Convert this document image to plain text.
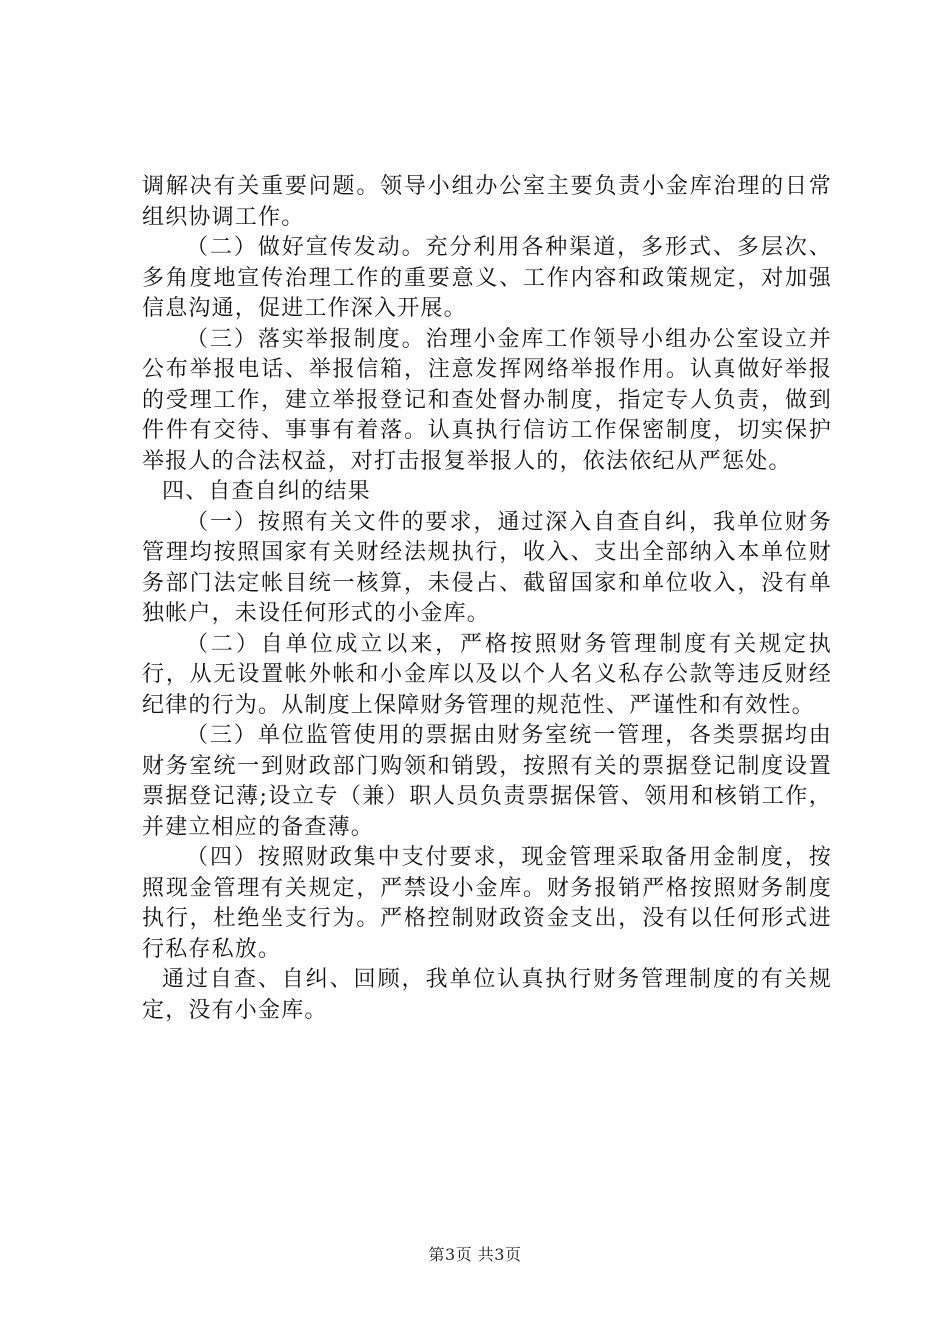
调解决有关重要问题。领导小组办公室主要负责小金库治理的日常组织协调工作。

（二）做好宣传发动。充分利用各种渠道，多形式、多层次、多角度地宣传治理工作的重要意义、工作内容和政策规定，对加强信息沟通，促进工作深入开展。

（三）落实举报制度。治理小金库工作领导小组办公室设立并公布举报电话、举报信箱，注意发挥网络举报作用。认真做好举报的受理工作，建立举报登记和查处督办制度，指定专人负责，做到件件有交待、事事有着落。认真执行信访工作保密制度，切实保护举报人的合法权益，对打击报复举报人的，依法依纪从严惩处。

四、自查自纠的结果

（一）按照有关文件的要求，通过深入自查自纠，我单位财务管理均按照国家有关财经法规执行，收入、支出全部纳入本单位财务部门法定帐目统一核算，未侵占、截留国家和单位收入，没有单独帐户，未设任何形式的小金库。

（二）自单位成立以来，严格按照财务管理制度有关规定执行，从无设置帐外帐和小金库以及以个人名义私存公款等违反财经纪律的行为。从制度上保障财务管理的规范性、严谨性和有效性。

（三）单位监管使用的票据由财务室统一管理，各类票据均由财务室统一到财政部门购领和销毁，按照有关的票据登记制度设置票据登记薄;设立专（兼）职人员负责票据保管、领用和核销工作，并建立相应的备查薄。

（四）按照财政集中支付要求，现金管理采取备用金制度，按照现金管理有关规定，严禁设小金库。财务报销严格按照财务制度执行，杜绝坐支行为。严格控制财政资金支出，没有以任何形式进行私存私放。

通过自查、自纠、回顾，我单位认真执行财务管理制度的有关规定，没有小金库。

第3页 共3页
